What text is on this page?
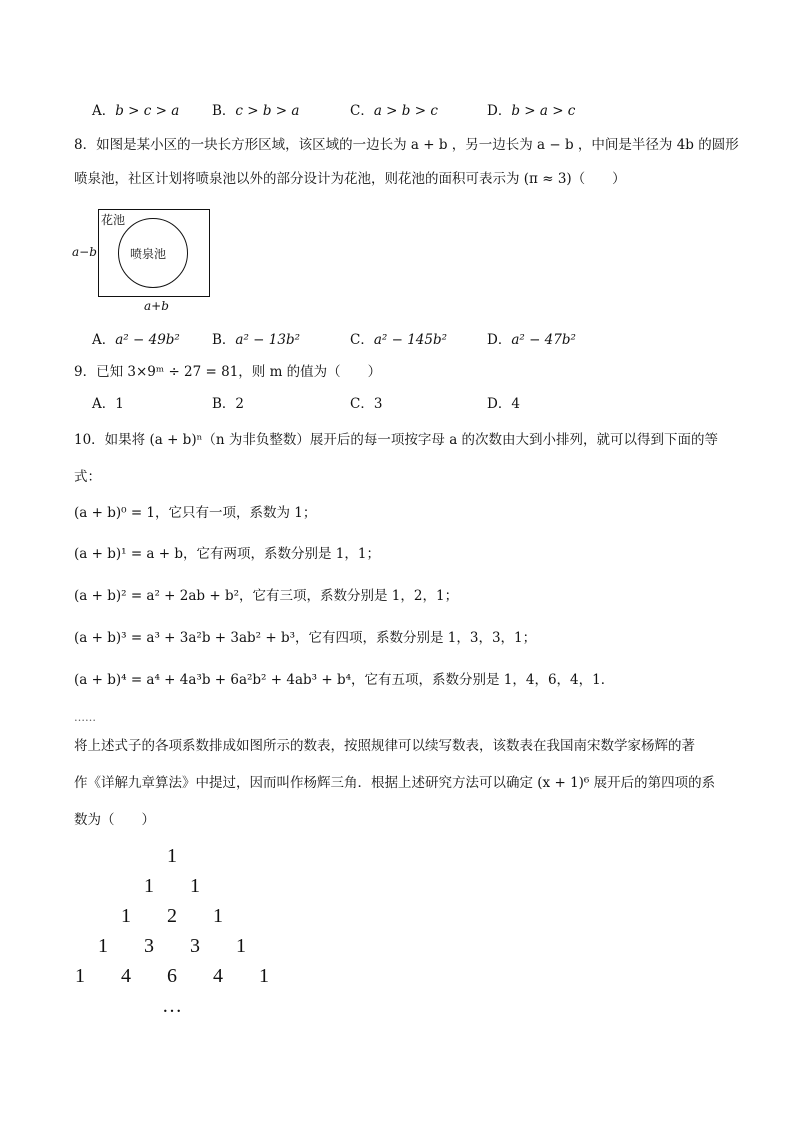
A．b > c > a B．c > b > a	C．a > b > c	D．b > a > c
8．如图是某小区的一块长方形区域，该区域的一边长为 a + b ，另一边长为 a − b ，中间是半径为 4b 的圆形
喷泉池，社区计划将喷泉池以外的部分设计为花池，则花池的面积可表示为 (π ≈ 3)（　　）
花池
喷泉池
a−b
a+b
A．a² − 49b² B．a² − 13b²	C．a² − 145b²	D．a² − 47b²
9．已知 3×9ᵐ ÷ 27 = 81，则 m 的值为（　　）
A．1	B．2	C．3	D．4
10．如果将 (a + b)ⁿ（n 为非负整数）展开后的每一项按字母 a 的次数由大到小排列，就可以得到下面的等
式：
(a + b)⁰ = 1，它只有一项，系数为 1；
(a + b)¹ = a + b，它有两项，系数分别是 1，1；
(a + b)² = a² + 2ab + b²，它有三项，系数分别是 1，2，1；
(a + b)³ = a³ + 3a²b + 3ab² + b³，它有四项，系数分别是 1，3，3，1；
(a + b)⁴ = a⁴ + 4a³b + 6a²b² + 4ab³ + b⁴，它有五项，系数分别是 1，4，6，4，1．
……
将上述式子的各项系数排成如图所示的数表，按照规律可以续写数表，该数表在我国南宋数学家杨辉的著
作《详解九章算法》中提过，因而叫作杨辉三角．根据上述研究方法可以确定 (x + 1)⁶ 展开后的第四项的系
数为（　　）
1
1 1
1 2 1
1 3 3 1
1 4 6 4 1
…
